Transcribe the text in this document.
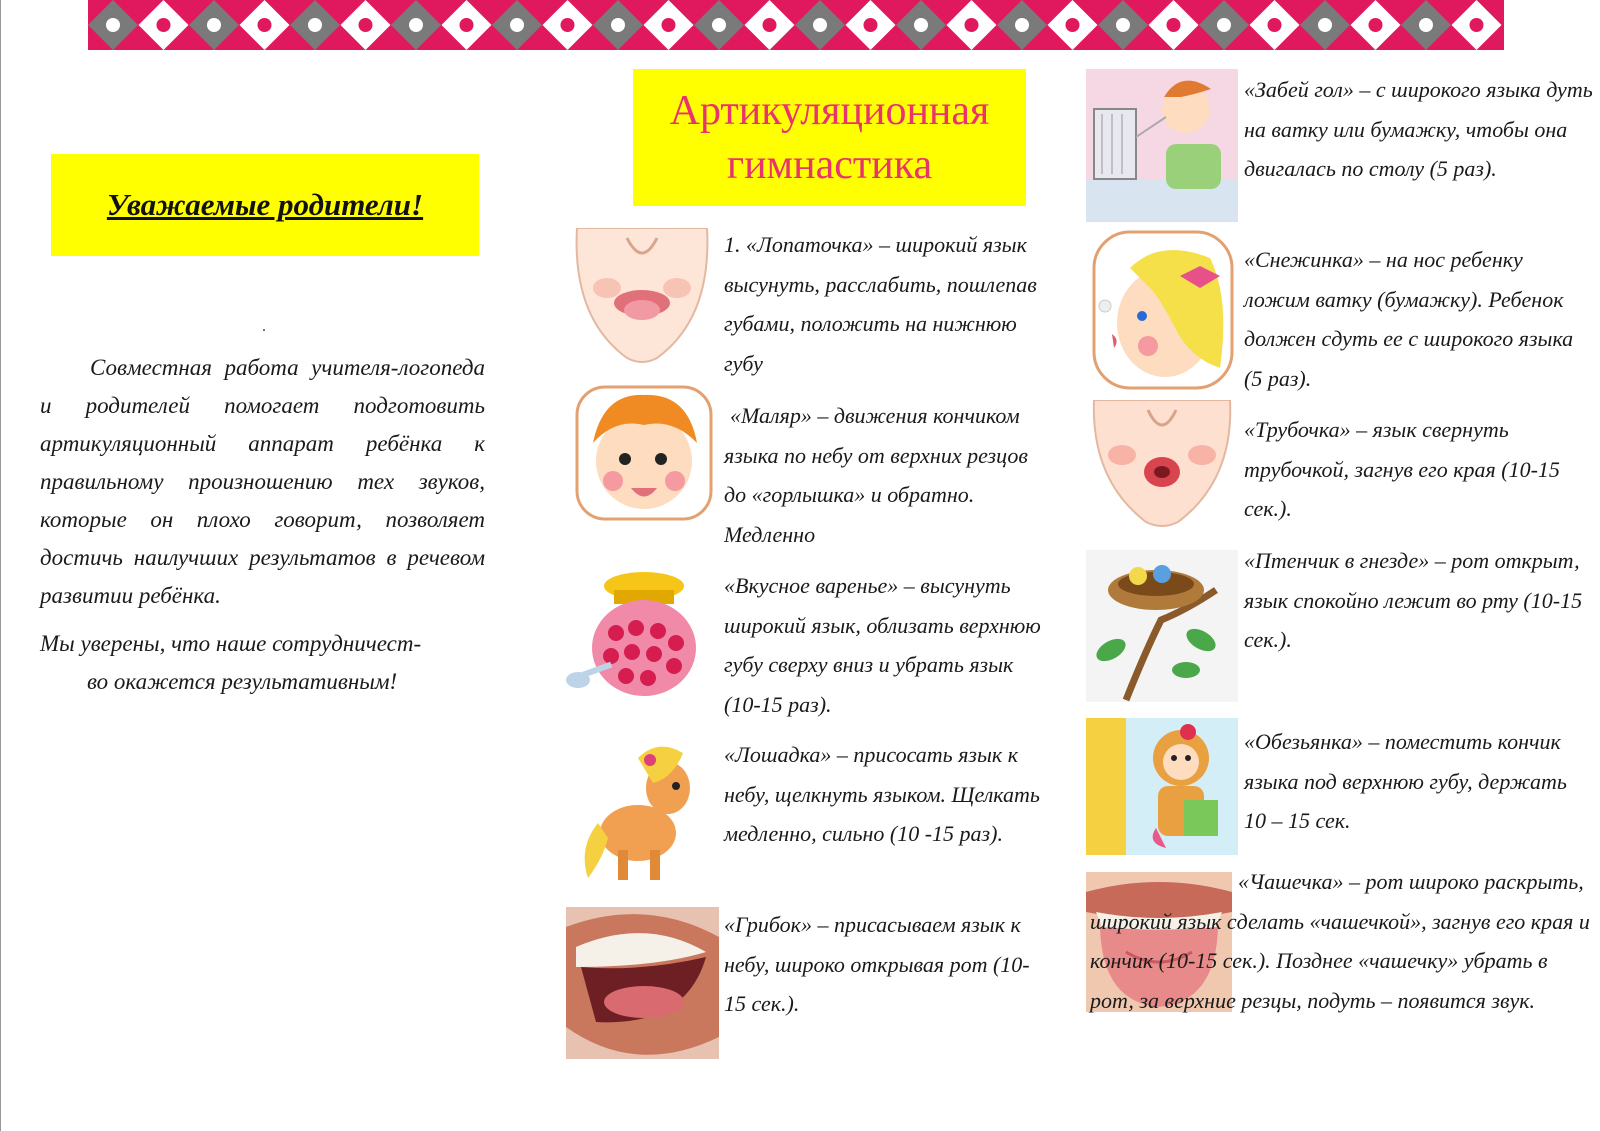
Уважаемые родители!
.

Совместная работа учителя-логопеда и родителей помогает подготовить артикуляционный аппарат ребёнка к правильному произношению тех звуков, которые он плохо говорит, позволяет достичь наилучших результатов в речевом развитии ребёнка.

Мы уверены, что наше сотрудничест-

во окажется результативным!

Артикуляционная
гимнастика

1. «Лопаточка» – широкий язык высунуть, расслабить, пошлепав губами, положить на нижнюю губу

«Маляр» – движения кончиком языка по небу от верхних резцов до «горлышка» и обратно. Медленно

«Вкусное варенье» – высунуть широкий язык, облизать верхнюю губу сверху вниз и убрать язык (10-15 раз).

«Лошадка» – присосать язык к небу, щелкнуть языком. Щелкать медленно, сильно (10 -15 раз).

«Грибок» – присасываем язык к небу, широко открывая рот (10-15 сек.).

«Забей гол» – с широкого языка дуть на ватку или бумажку, чтобы она двигалась по столу (5 раз).

«Снежинка» – на нос ребенку ложим ватку (бумажку). Ребенок должен сдуть ее с широкого языка (5 раз).

«Трубочка» – язык свернуть трубочкой, загнув его края (10-15 сек.).

«Птенчик в гнезде» – рот открыт, язык спокойно лежит во рту (10-15 сек.).

«Обезьянка» – поместить кончик языка под верхнюю губу, держать 10 – 15 сек.

«Чашечка» – рот широко раскрыть, широкий язык сделать «чашечкой», загнув его края и кончик (10-15 сек.). Позднее «чашечку» убрать в рот, за верхние резцы, подуть – появится звук.
